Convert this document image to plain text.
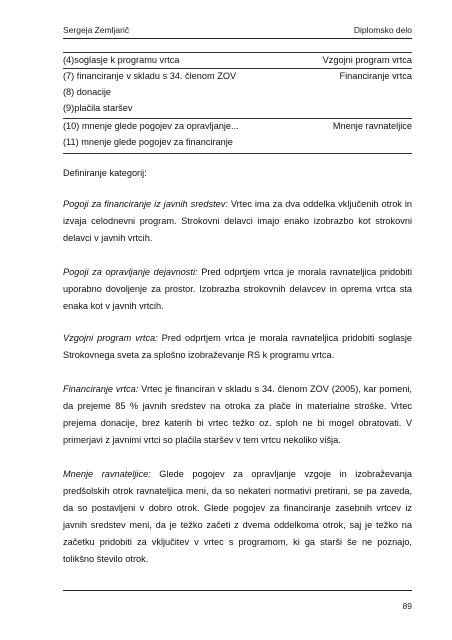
Sergeja Zemljarič	Diplomsko delo
(4)soglasje k programu vrtca	Vzgojni program vrtca
(7) financiranje v skladu s 34. členom ZOV	Financiranje vrtca
(8) donacije
(9)plačila staršev
(10) mnenje glede pogojev za opravljanje...	Mnenje ravnateljice
(11) mnenje glede pogojev za financiranje
Definiranje kategorij:
Pogoji za financiranje iz javnih sredstev: Vrtec ima za dva oddelka vključenih otrok in izvaja celodnevni program. Strokovni delavci imajo enako izobrazbo kot strokovni delavci v javnih vrtcih.
Pogoji za opravljanje dejavnosti: Pred odprtjem vrtca je morala ravnateljica pridobiti uporabno dovoljenje za prostor. Izobrazba strokovnih delavcev in oprema vrtca sta enaka kot v javnih vrtcih.
Vzgojni program vrtca: Pred odprtjem vrtca je morala ravnateljica pridobiti soglasje Strokovnega sveta za splošno izobraževanje RS k programu vrtca.
Financiranje vrtca: Vrtec je financiran v skladu s 34. členom ZOV (2005), kar pomeni, da prejeme 85 % javnih sredstev na otroka za plače in materialne stroške. Vrtec prejema donacije, brez katerih bi vrtec težko oz. sploh ne bi mogel obratovati. V primerjavi z javnimi vrtci so plačila staršev v tem vrtcu nekoliko višja.
Mnenje ravnateljice: Glede pogojev za opravljanje vzgoje in izobraževanja predšolskih otrok ravnateljica meni, da so nekateri normativi pretirani, se pa zaveda, da so postavljeni v dobro otrok. Glede pogojev za financiranje zasebnih vrtcev iz javnih sredstev meni, da je težko začeti z dvema oddelkoma otrok, saj je težko na začetku pridobiti za vključitev v vrtec s programom, ki ga starši še ne poznajo, tolikšno število otrok.
89
